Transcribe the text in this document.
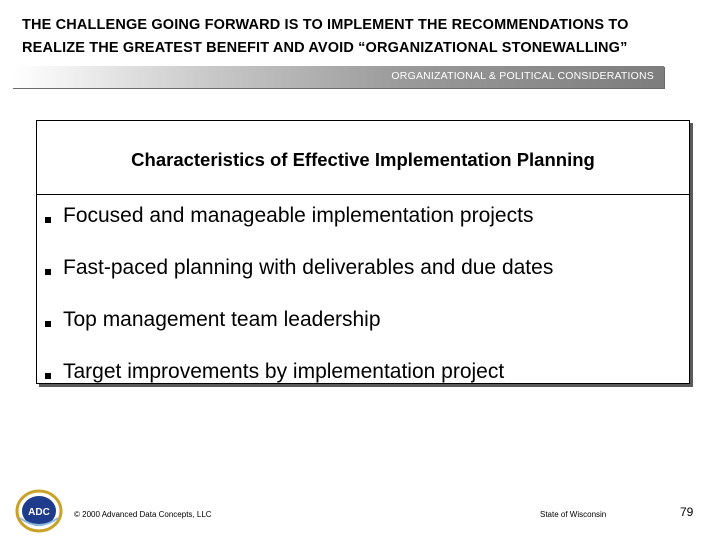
THE CHALLENGE GOING FORWARD IS TO IMPLEMENT THE RECOMMENDATIONS TO
REALIZE THE GREATEST BENEFIT AND AVOID “ORGANIZATIONAL STONEWALLING”
ORGANIZATIONAL & POLITICAL CONSIDERATIONS
Characteristics of Effective Implementation Planning
Focused and manageable implementation projects
Fast-paced planning with deliverables and due dates
Top management team leadership
Target improvements by implementation project
ADC	© 2000 Advanced Data Concepts, LLC	State of Wisconsin	79
